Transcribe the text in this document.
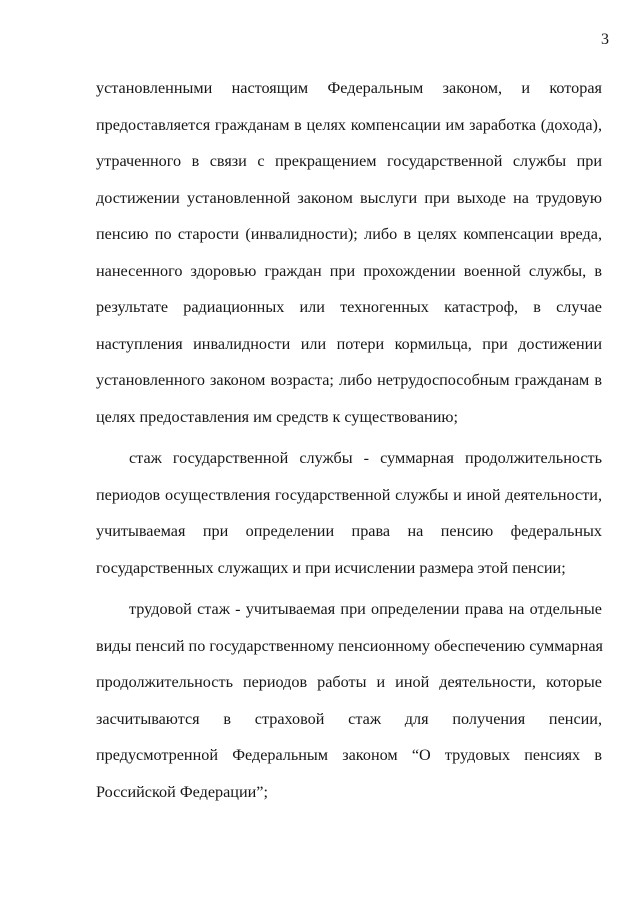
3
установленными настоящим Федеральным законом, и которая
предоставляется гражданам в целях компенсации им заработка (дохода),
утраченного в связи с прекращением государственной службы при
достижении установленной законом выслуги при выходе на трудовую
пенсию по старости (инвалидности); либо в целях компенсации вреда,
нанесенного здоровью граждан при прохождении военной службы, в
результате радиационных или техногенных катастроф, в случае
наступления инвалидности или потери кормильца, при достижении
установленного законом возраста; либо нетрудоспособным гражданам в
целях предоставления им средств к существованию;
стаж государственной службы - суммарная продолжительность
периодов осуществления государственной службы и иной деятельности,
учитываемая при определении права на пенсию федеральных
государственных служащих и при исчислении размера этой пенсии;
трудовой стаж - учитываемая при определении права на отдельные
виды пенсий по государственному пенсионному обеспечению суммарная
продолжительность периодов работы и иной деятельности, которые
засчитываются в страховой стаж для получения пенсии,
предусмотренной Федеральным законом “О трудовых пенсиях в
Российской Федерации”;
